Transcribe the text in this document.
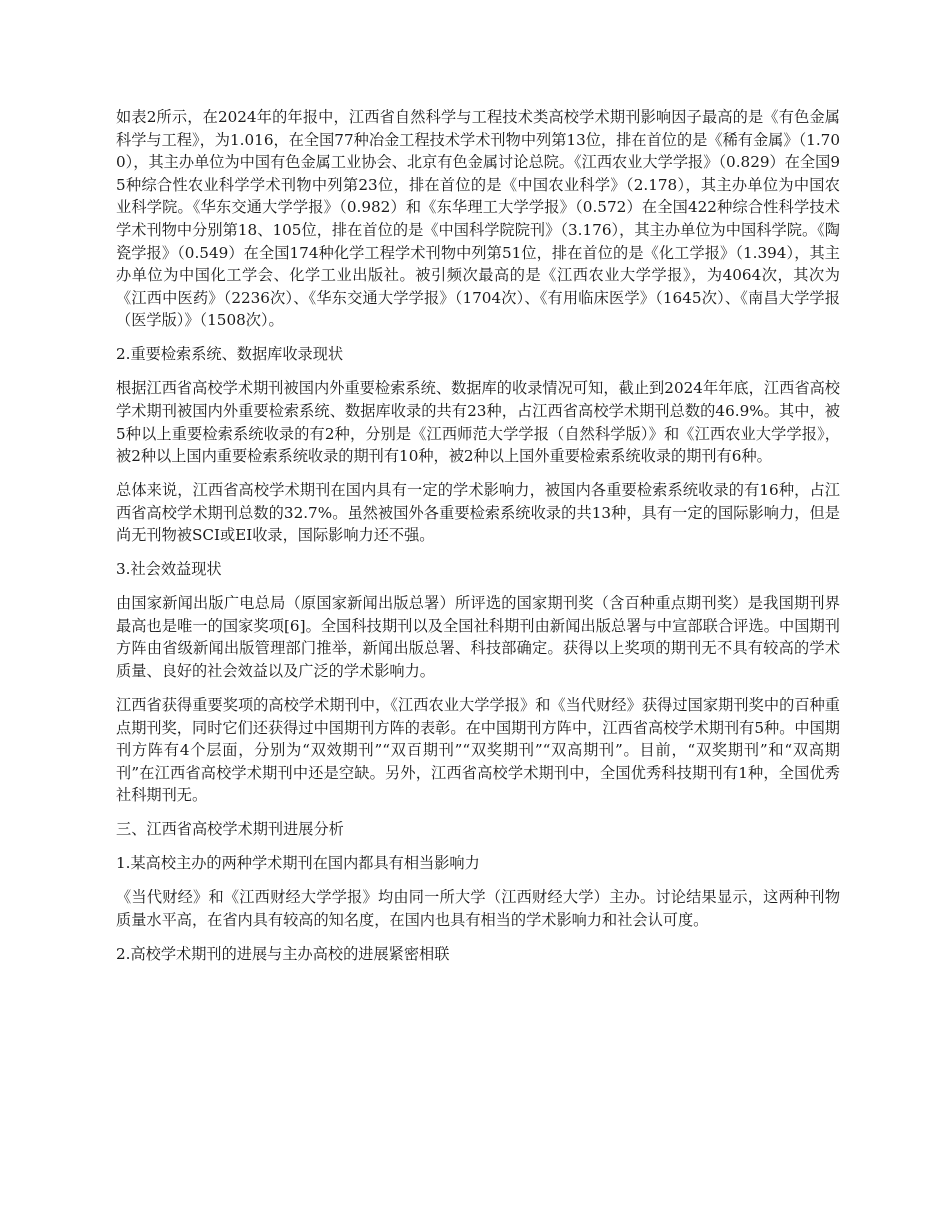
如表2所示，在2024年的年报中，江西省自然科学与工程技术类高校学术期刊影响因子最高的是《有色金属科学与工程》，为1.016，在全国77种冶金工程技术学术刊物中列第13位，排在首位的是《稀有金属》（1.700），其主办单位为中国有色金属工业协会、北京有色金属讨论总院。《江西农业大学学报》（0.829）在全国95种综合性农业科学学术刊物中列第23位，排在首位的是《中国农业科学》（2.178），其主办单位为中国农业科学院。《华东交通大学学报》（0.982）和《东华理工大学学报》（0.572）在全国422种综合性科学技术学术刊物中分别第18、105位，排在首位的是《中国科学院院刊》（3.176），其主办单位为中国科学院。《陶瓷学报》（0.549）在全国174种化学工程学术刊物中列第51位，排在首位的是《化工学报》（1.394），其主办单位为中国化工学会、化学工业出版社。被引频次最高的是《江西农业大学学报》，为4064次，其次为《江西中医药》（2236次）、《华东交通大学学报》（1704次）、《有用临床医学》（1645次）、《南昌大学学报（医学版）》（1508次）。

2.重要检索系统、数据库收录现状

根据江西省高校学术期刊被国内外重要检索系统、数据库的收录情况可知，截止到2024年年底，江西省高校学术期刊被国内外重要检索系统、数据库收录的共有23种，占江西省高校学术期刊总数的46.9%。其中，被5种以上重要检索系统收录的有2种，分别是《江西师范大学学报（自然科学版）》和《江西农业大学学报》，被2种以上国内重要检索系统收录的期刊有10种，被2种以上国外重要检索系统收录的期刊有6种。

总体来说，江西省高校学术期刊在国内具有一定的学术影响力，被国内各重要检索系统收录的有16种，占江西省高校学术期刊总数的32.7%。虽然被国外各重要检索系统收录的共13种，具有一定的国际影响力，但是尚无刊物被SCI或EI收录，国际影响力还不强。

3.社会效益现状

由国家新闻出版广电总局（原国家新闻出版总署）所评选的国家期刊奖（含百种重点期刊奖）是我国期刊界最高也是唯一的国家奖项[6]。全国科技期刊以及全国社科期刊由新闻出版总署与中宣部联合评选。中国期刊方阵由省级新闻出版管理部门推举，新闻出版总署、科技部确定。获得以上奖项的期刊无不具有较高的学术质量、良好的社会效益以及广泛的学术影响力。

江西省获得重要奖项的高校学术期刊中，《江西农业大学学报》和《当代财经》获得过国家期刊奖中的百种重点期刊奖，同时它们还获得过中国期刊方阵的表彰。在中国期刊方阵中，江西省高校学术期刊有5种。中国期刊方阵有4个层面，分别为“双效期刊”“双百期刊”“双奖期刊”“双高期刊”。目前，“双奖期刊”和“双高期刊”在江西省高校学术期刊中还是空缺。另外，江西省高校学术期刊中，全国优秀科技期刊有1种，全国优秀社科期刊无。

三、江西省高校学术期刊进展分析

1.某高校主办的两种学术期刊在国内都具有相当影响力

《当代财经》和《江西财经大学学报》均由同一所大学（江西财经大学）主办。讨论结果显示，这两种刊物质量水平高，在省内具有较高的知名度，在国内也具有相当的学术影响力和社会认可度。

2.高校学术期刊的进展与主办高校的进展紧密相联
